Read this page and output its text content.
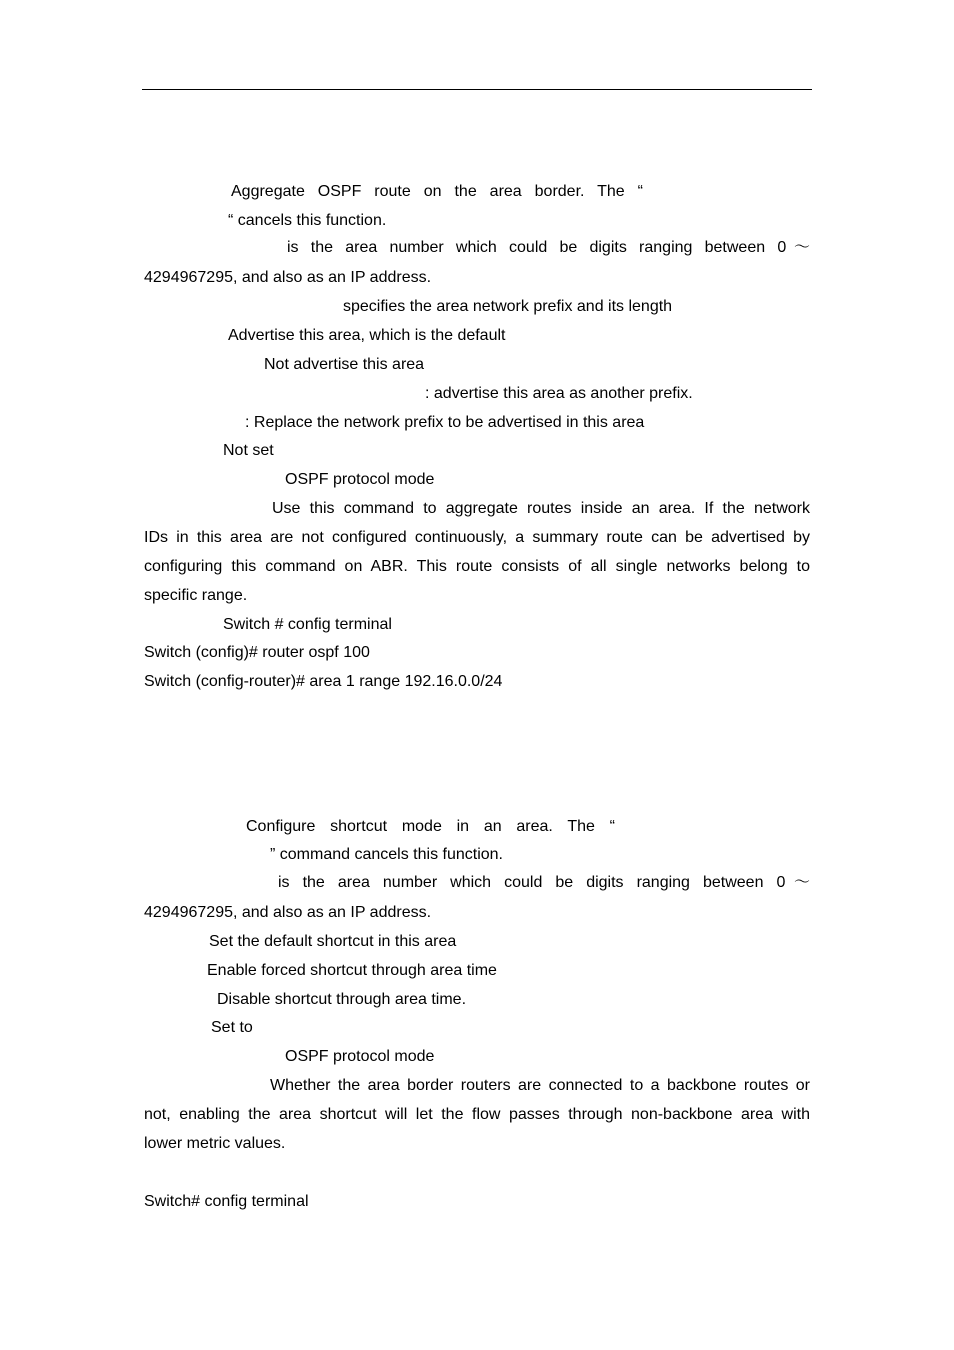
Aggregate OSPF route on the area border. The “
“ cancels this function.
is the area number which could be digits ranging between 0～
4294967295, and also as an IP address.
specifies the area network prefix and its length
Advertise this area, which is the default
Not advertise this area
: advertise this area as another prefix.
: Replace the network prefix to be advertised in this area
Not set
OSPF protocol mode
Use this command to aggregate routes inside an area. If the network
IDs in this area are not configured continuously, a summary route can be advertised by
configuring this command on ABR. This route consists of all single networks belong to
specific range.
Switch # config terminal
Switch (config)# router ospf 100
Switch (config-router)# area 1 range 192.16.0.0/24
Configure shortcut mode in an area. The “
” command cancels this function.
is the area number which could be digits ranging between 0～
4294967295, and also as an IP address.
Set the default shortcut in this area
Enable forced shortcut through area time
Disable shortcut through area time.
Set to
OSPF protocol mode
Whether the area border routers are connected to a backbone routes or
not, enabling the area shortcut will let the flow passes through non-backbone area with
lower metric values.
Switch# config terminal
